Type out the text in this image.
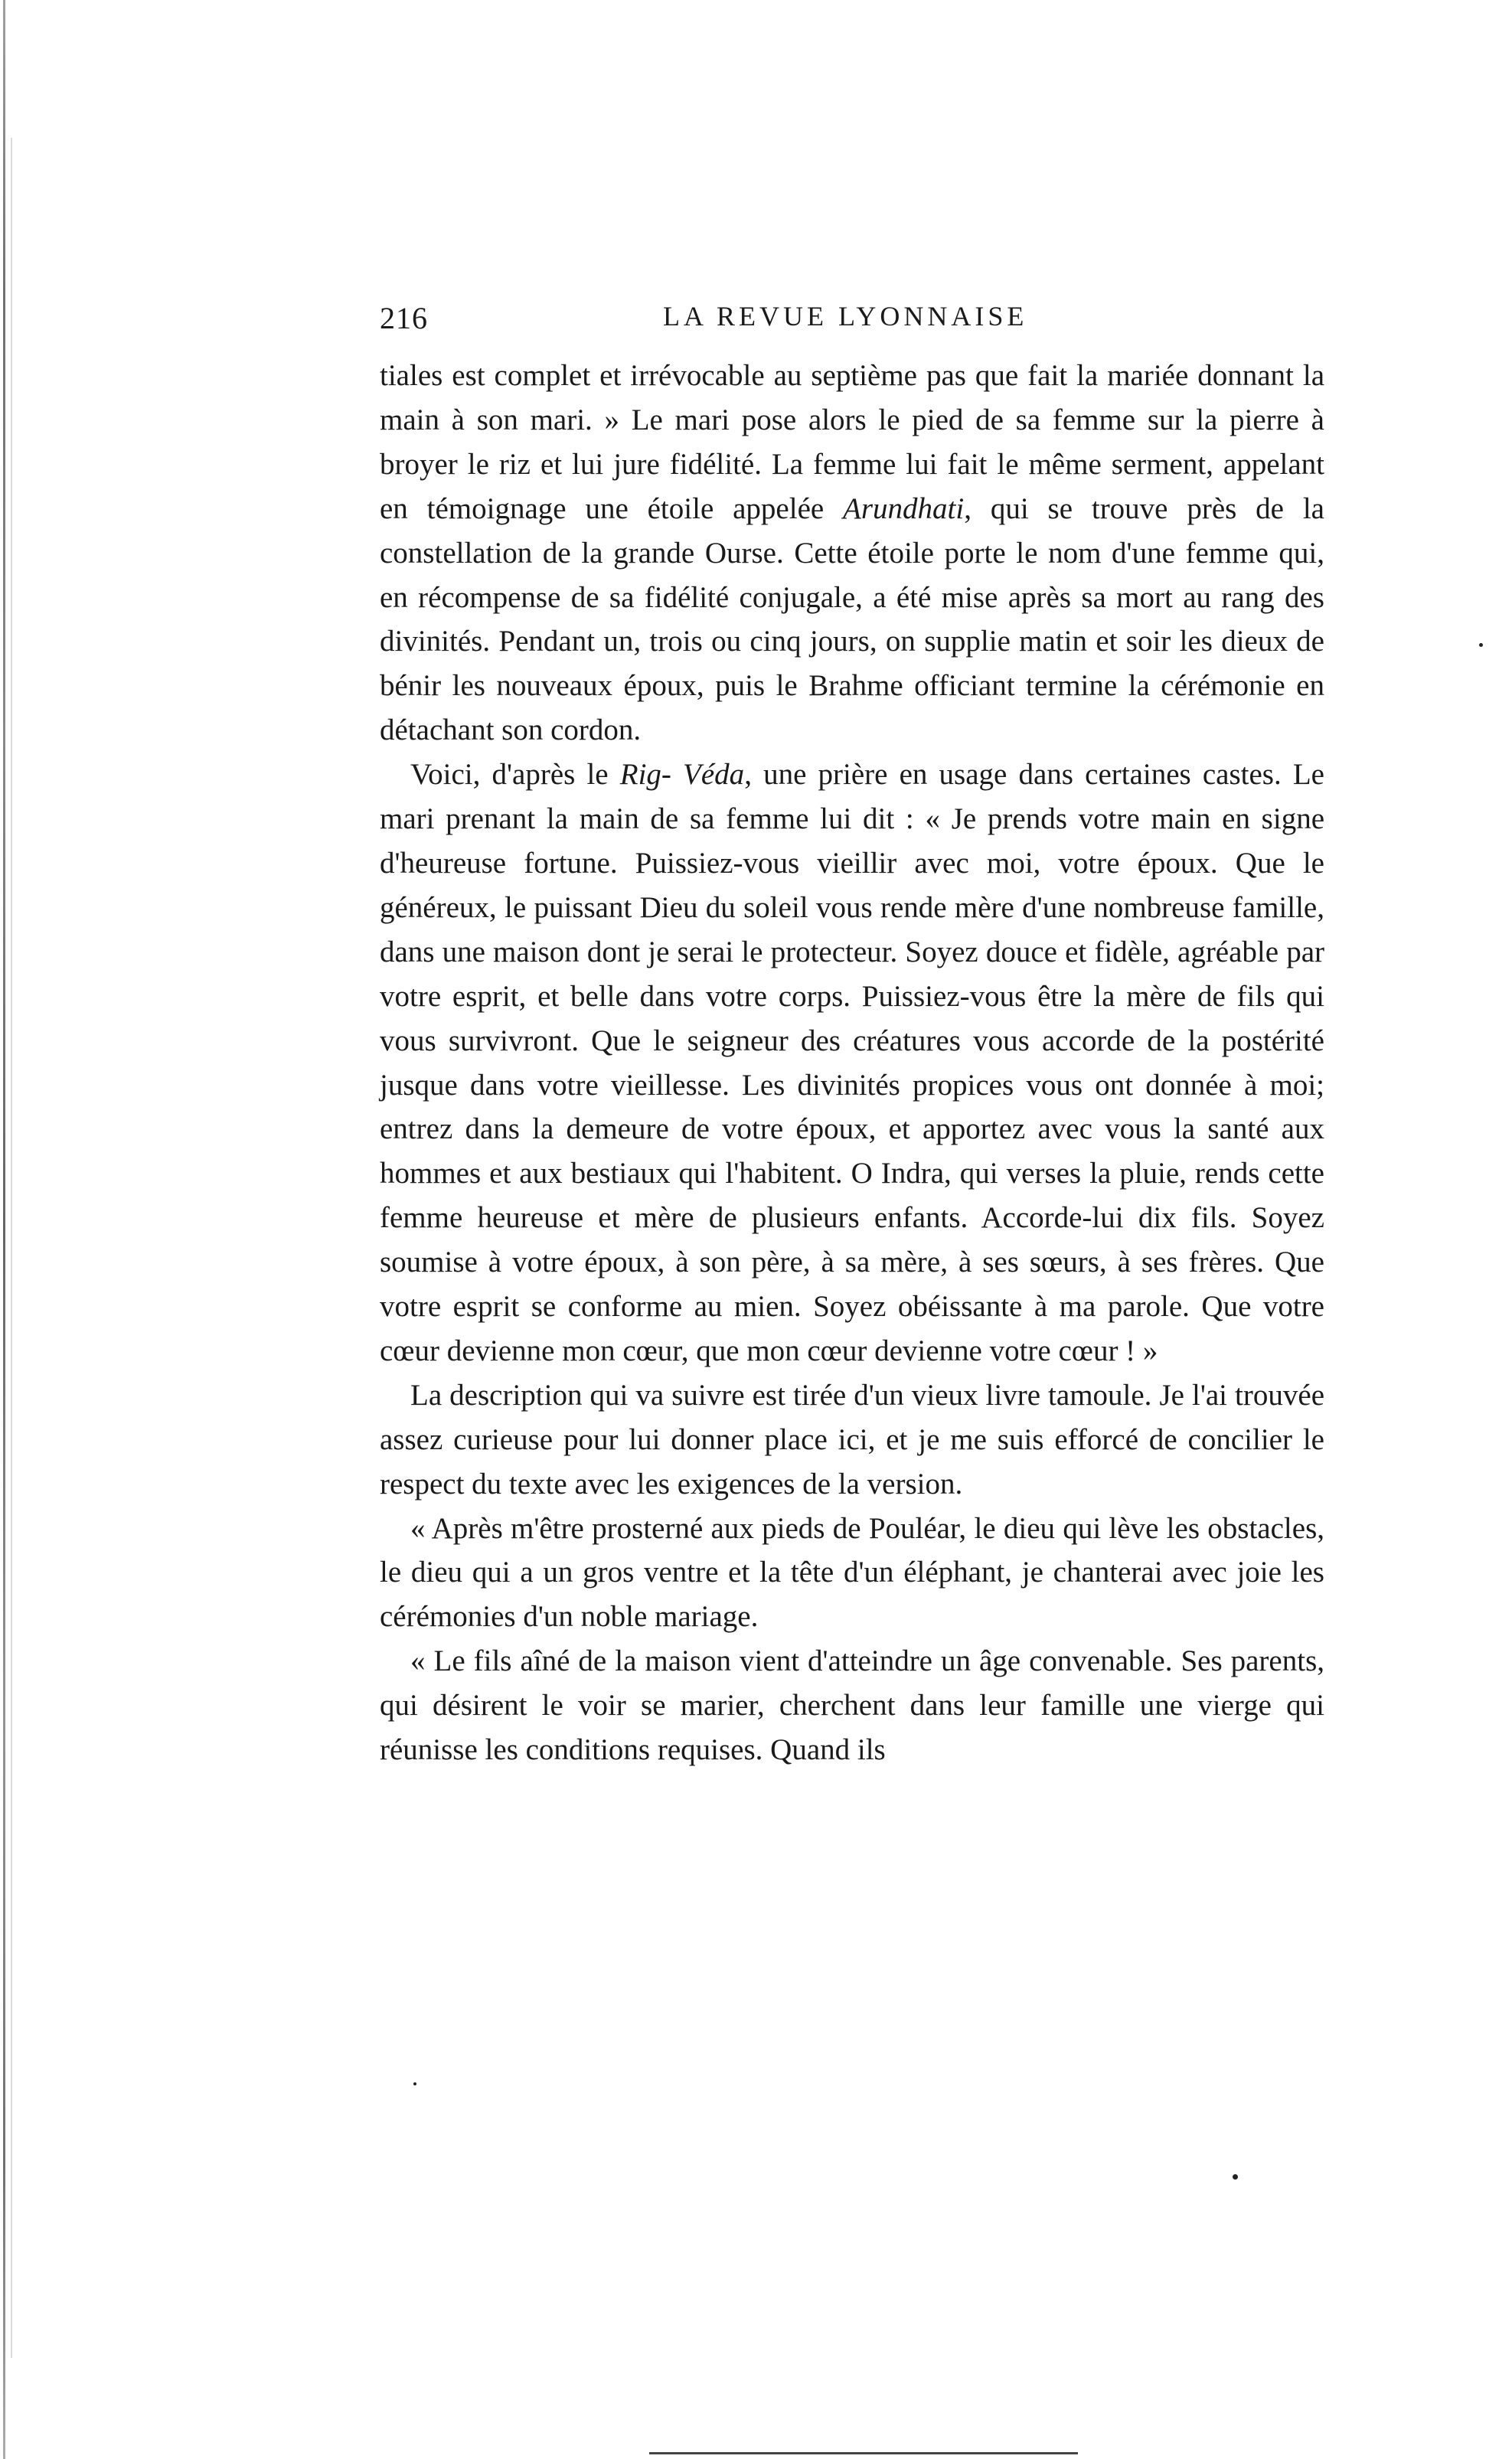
216	LA REVUE LYONNAISE

tiales est complet et irrévocable au septième pas que fait la mariée donnant la main à son mari. » Le mari pose alors le pied de sa femme sur la pierre à broyer le riz et lui jure fidélité. La femme lui fait le même serment, appelant en témoignage une étoile appelée Arundhati, qui se trouve près de la constellation de la grande Ourse. Cette étoile porte le nom d'une femme qui, en récompense de sa fidélité conjugale, a été mise après sa mort au rang des divinités. Pendant un, trois ou cinq jours, on supplie matin et soir les dieux de bénir les nouveaux époux, puis le Brahme officiant termine la cérémonie en détachant son cordon.

Voici, d'après le Rig- Véda, une prière en usage dans certaines castes. Le mari prenant la main de sa femme lui dit : « Je prends votre main en signe d'heureuse fortune. Puissiez-vous vieillir avec moi, votre époux. Que le généreux, le puissant Dieu du soleil vous rende mère d'une nombreuse famille, dans une maison dont je serai le protecteur. Soyez douce et fidèle, agréable par votre esprit, et belle dans votre corps. Puissiez-vous être la mère de fils qui vous survivront. Que le seigneur des créatures vous accorde de la postérité jusque dans votre vieillesse. Les divinités propices vous ont donnée à moi; entrez dans la demeure de votre époux, et apportez avec vous la santé aux hommes et aux bestiaux qui l'habitent. O Indra, qui verses la pluie, rends cette femme heureuse et mère de plusieurs enfants. Accorde-lui dix fils. Soyez soumise à votre époux, à son père, à sa mère, à ses sœurs, à ses frères. Que votre esprit se conforme au mien. Soyez obéissante à ma parole. Que votre cœur devienne mon cœur, que mon cœur devienne votre cœur ! »

La description qui va suivre est tirée d'un vieux livre tamoule. Je l'ai trouvée assez curieuse pour lui donner place ici, et je me suis efforcé de concilier le respect du texte avec les exigences de la version.

« Après m'être prosterné aux pieds de Pouléar, le dieu qui lève les obstacles, le dieu qui a un gros ventre et la tête d'un éléphant, je chanterai avec joie les cérémonies d'un noble mariage.

« Le fils aîné de la maison vient d'atteindre un âge convenable. Ses parents, qui désirent le voir se marier, cherchent dans leur famille une vierge qui réunisse les conditions requises. Quand ils
